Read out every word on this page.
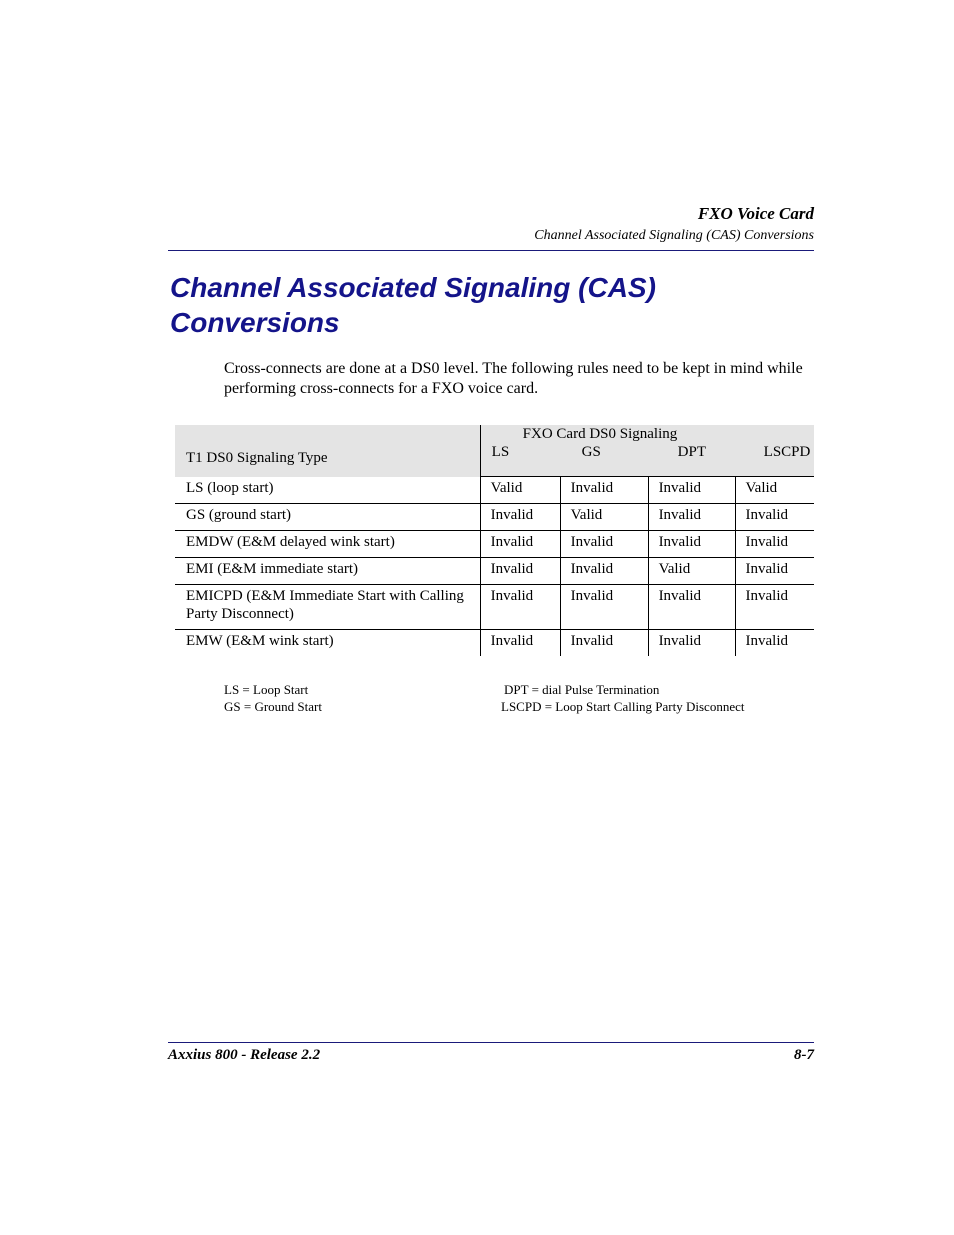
FXO Voice Card
Channel Associated Signaling (CAS) Conversions
Channel Associated Signaling (CAS)
Conversions

Cross-connects are done at a DS0 level. The following rules need to be kept in mind while performing cross-connects for a FXO voice card.

T1 DS0 Signaling Type	FXO Card DS0 Signaling
LS GS DPT LSCPD			

LS (loop start)	Valid	Invalid	Invalid	Valid
GS (ground start)	Invalid	Valid	Invalid	Invalid
EMDW (E&M delayed wink start)	Invalid	Invalid	Invalid	Invalid
EMI (E&M immediate start)	Invalid	Invalid	Valid	Invalid
EMICPD (E&M Immediate Start with Calling Party Disconnect)	Invalid	Invalid	Invalid	Invalid
EMW (E&M wink start)	Invalid	Invalid	Invalid	Invalid
LS = Loop Start
GS = Ground Start
DPT = dial Pulse Termination
LSCPD = Loop Start Calling Party Disconnect
Axxius 800 - Release 2.2	8-7
